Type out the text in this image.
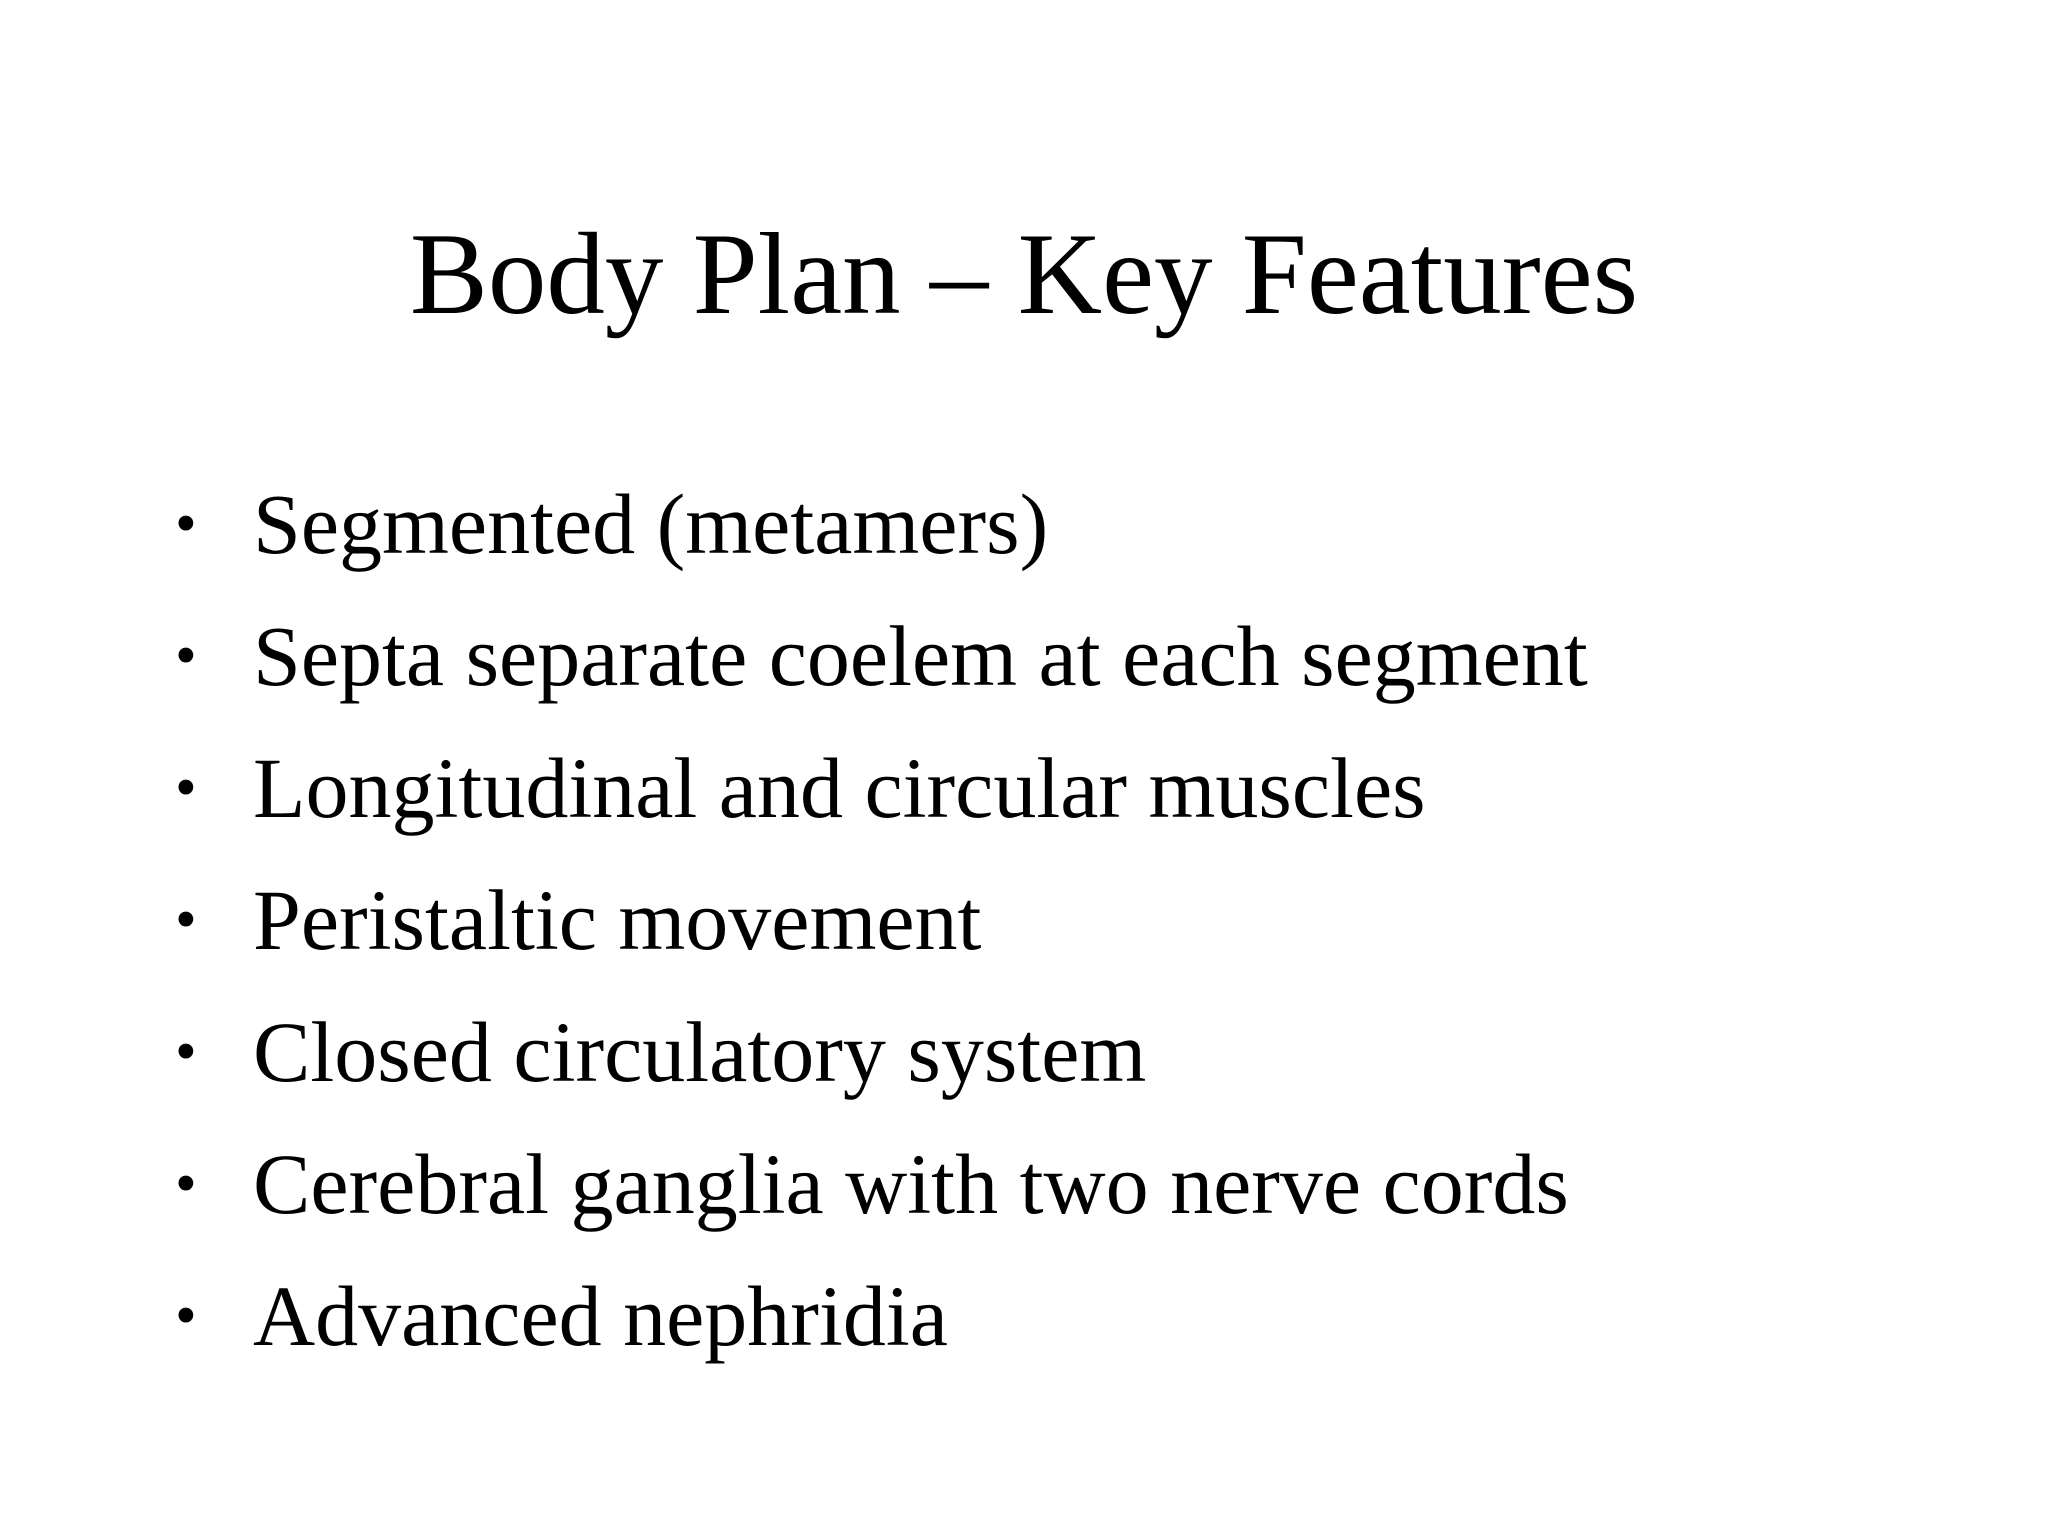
Body Plan – Key Features
• Segmented (metamers)
• Septa separate coelem at each segment
• Longitudinal and circular muscles
• Peristaltic movement
• Closed circulatory system
• Cerebral ganglia with two nerve cords
• Advanced nephridia
